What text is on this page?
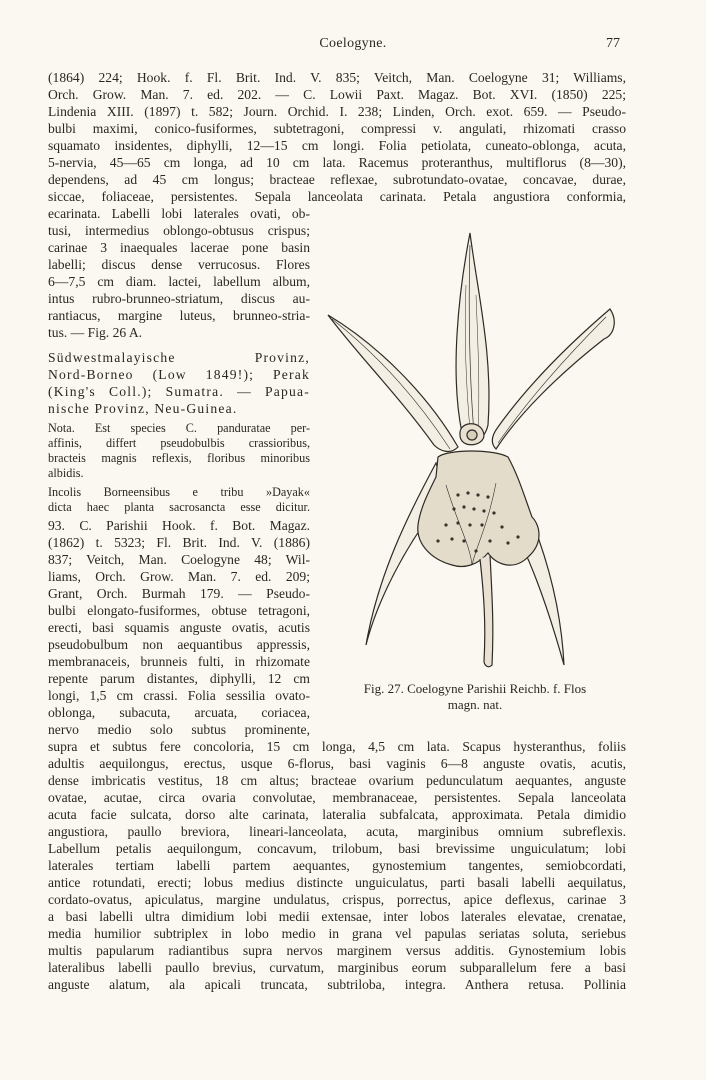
Coelogyne.	77
(1864) 224; Hook. f. Fl. Brit. Ind. V. 835; Veitch, Man. Coelogyne 31; Williams,
Orch. Grow. Man. 7. ed. 202. — C. Lowii Paxt. Magaz. Bot. XVI. (1850) 225;
Lindenia XIII. (1897) t. 582; Journ. Orchid. I. 238; Linden, Orch. exot. 659. — Pseudo-
bulbi maximi, conico-fusiformes, subtetragoni, compressi v. angulati, rhizomati crasso
squamato insidentes, diphylli, 12—15 cm longi. Folia petiolata, cuneato-oblonga, acuta,
5-nervia, 45—65 cm longa, ad 10 cm lata. Racemus proteranthus, multiflorus (8—30),
dependens, ad 45 cm longus; bracteae reflexae, subrotundato-ovatae, concavae, durae,
siccae, foliaceae, persistentes. Sepala lanceolata carinata. Petala angustiora conformia,
ecarinata. Labelli lobi laterales ovati, ob-
tusi, intermedius oblongo-obtusus crispus;
carinae 3 inaequales lacerae pone basin
labelli; discus dense verrucosus. Flores
6—7,5 cm diam. lactei, labellum album,
intus rubro-brunneo-striatum, discus au-
rantiacus, margine luteus, brunneo-stria-
tus. — Fig. 26 A.
Südwestmalayische Provinz,
Nord-Borneo (Low 1849!); Perak
(King's Coll.); Sumatra. — Papua-
nische Provinz, Neu-Guinea.
Nota. Est species C. panduratae per-
affinis, differt pseudobulbis crassioribus,
bracteis magnis reflexis, floribus minoribus
albidis.
Incolis Borneensibus e tribu »Dayak«
dicta haec planta sacrosancta esse dicitur.
93. C. Parishii Hook. f. Bot. Magaz.
(1862) t. 5323; Fl. Brit. Ind. V. (1886)
837; Veitch, Man. Coelogyne 48; Wil-
liams, Orch. Grow. Man. 7. ed. 209;
Grant, Orch. Burmah 179. — Pseudo-
bulbi elongato-fusiformes, obtuse tetragoni,
erecti, basi squamis anguste ovatis, acutis
pseudobulbum non aequantibus appressis,
membranaceis, brunneis fulti, in rhizomate
repente parum distantes, diphylli, 12 cm
longi, 1,5 cm crassi. Folia sessilia ovato-
oblonga, subacuta, arcuata, coriacea,
nervo medio solo subtus prominente,
supra et subtus fere concoloria, 15 cm longa, 4,5 cm lata. Scapus hysteranthus, foliis
adultis aequilongus, erectus, usque 6-florus, basi vaginis 6—8 anguste ovatis, acutis,
dense imbricatis vestitus, 18 cm altus; bracteae ovarium pedunculatum aequantes, anguste
ovatae, acutae, circa ovaria convolutae, membranaceae, persistentes. Sepala lanceolata
acuta facie sulcata, dorso alte carinata, lateralia subfalcata, approximata. Petala dimidio
angustiora, paullo breviora, lineari-lanceolata, acuta, marginibus omnium subreflexis.
Labellum petalis aequilongum, concavum, trilobum, basi brevissime unguiculatum; lobi
laterales tertiam labelli partem aequantes, gynostemium tangentes, semiobcordati,
antice rotundati, erecti; lobus medius distincte unguiculatus, parti basali labelli aequilatus,
cordato-ovatus, apiculatus, margine undulatus, crispus, porrectus, apice deflexus, carinae 3
a basi labelli ultra dimidium lobi medii extensae, inter lobos laterales elevatae, crenatae,
media humilior subtriplex in lobo medio in grana vel papulas seriatas soluta, seriebus
multis papularum radiantibus supra nervos marginem versus additis. Gynostemium lobis
lateralibus labelli paullo brevius, curvatum, marginibus eorum subparallelum fere a basi
anguste alatum, ala apicali truncata, subtriloba, integra. Anthera retusa. Pollinia
Fig. 27. Coelogyne Parishii Reichb. f. Flos
magn. nat.
